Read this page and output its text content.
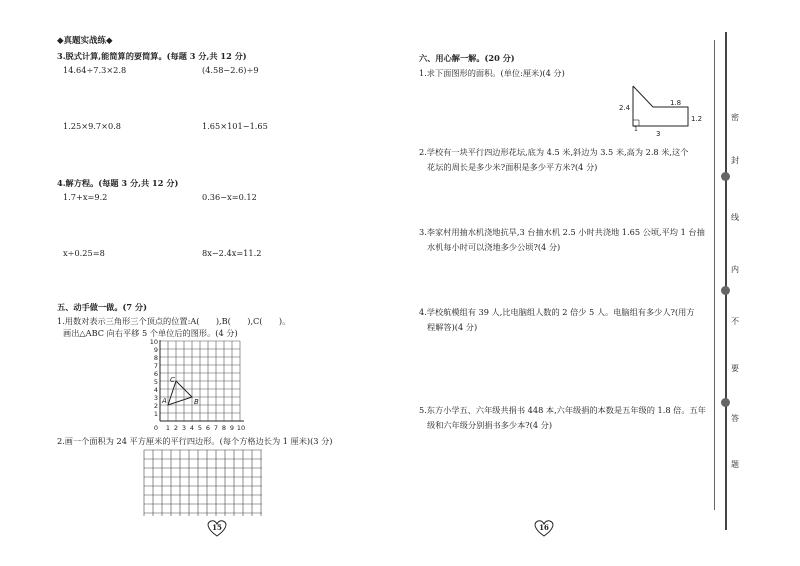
◆真题实战练◆
3.脱式计算,能简算的要简算。(每题 3 分,共 12 分)
14.64÷7.3×2.8	(4.58−2.6)÷9
1.25×9.7×0.8	1.65×101−1.65
4.解方程。(每题 3 分,共 12 分)
1.7+x=9.2	0.36−x=0.12
x÷0.25=8	8x−2.4x=11.2
五、动手做一做。(7 分)
1.用数对表示三角形三个顶点的位置:A(　　),B(　　),C(　　)。
画出△ABC 向右平移 5 个单位后的图形。(4 分)
10
9
8
7
6
5
4
3
2
1
0 1 2 3 4 5 6 7 8 9 10
A	B
C
2.画一个面积为 24 平方厘米的平行四边形。(每个方格边长为 1 厘米)(3 分)
15
六、用心解一解。(20 分)
1.求下面图形的面积。(单位:厘米)(4 分)
2.4
1.8
1.2
3
1
2.学校有一块平行四边形花坛,底为 4.5 米,斜边为 3.5 米,高为 2.8 米,这个
花坛的周长是多少米?面积是多少平方米?(4 分)
3.李家村用抽水机浇地抗旱,3 台抽水机 2.5 小时共浇地 1.65 公顷,平均 1 台抽
水机每小时可以浇地多少公顷?(4 分)
4.学校航模组有 39 人,比电脑组人数的 2 倍少 5 人。电脑组有多少人?(用方
程解答)(4 分)
5.东方小学五、六年级共捐书 448 本,六年级捐的本数是五年级的 1.8 倍。五年
级和六年级分别捐书多少本?(4 分)
16
密
封
线
内
不
要
答
题
